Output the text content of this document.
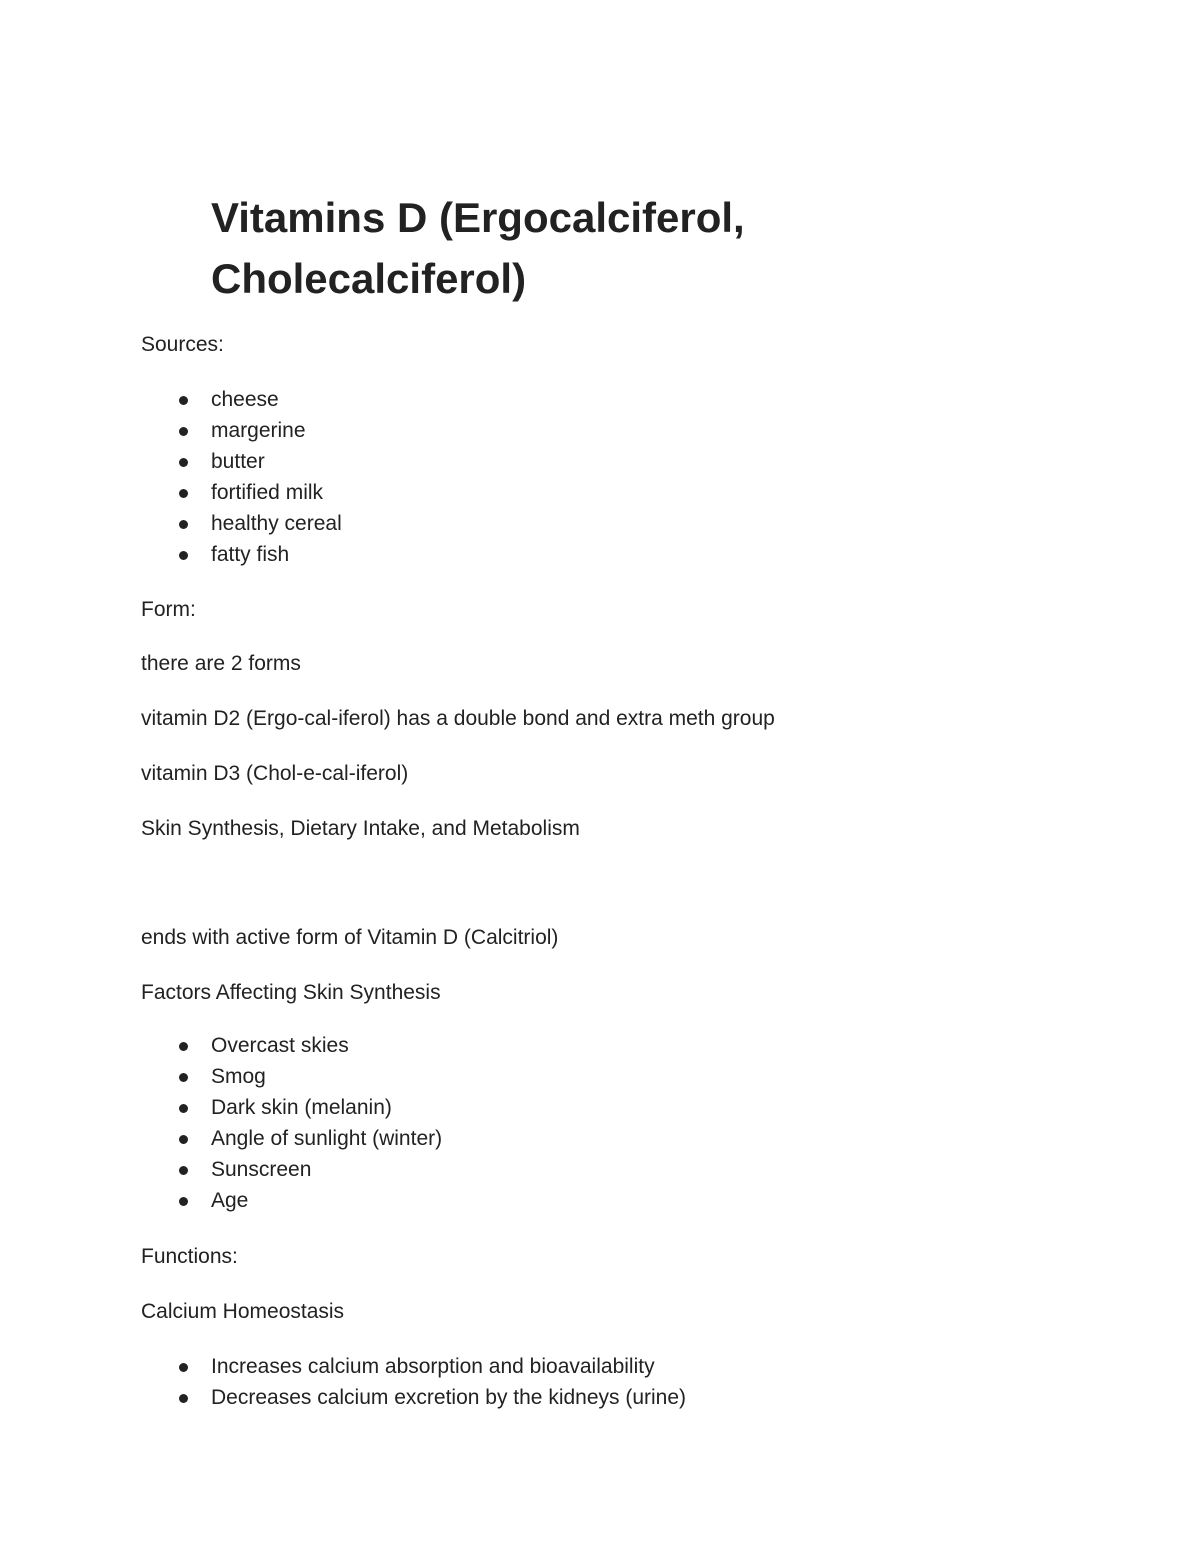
Vitamins D (Ergocalciferol, Cholecalciferol)

Sources:

cheese
margerine
butter
fortified milk
healthy cereal
fatty fish

Form:

there are 2 forms

vitamin D2 (Ergo-cal-iferol) has a double bond and extra meth group

vitamin D3 (Chol-e-cal-iferol)

Skin Synthesis, Dietary Intake, and Metabolism

ends with active form of Vitamin D (Calcitriol)

Factors Affecting Skin Synthesis

Overcast skies
Smog
Dark skin (melanin)
Angle of sunlight (winter)
Sunscreen
Age

Functions:

Calcium Homeostasis

Increases calcium absorption and bioavailability
Decreases calcium excretion by the kidneys (urine)
